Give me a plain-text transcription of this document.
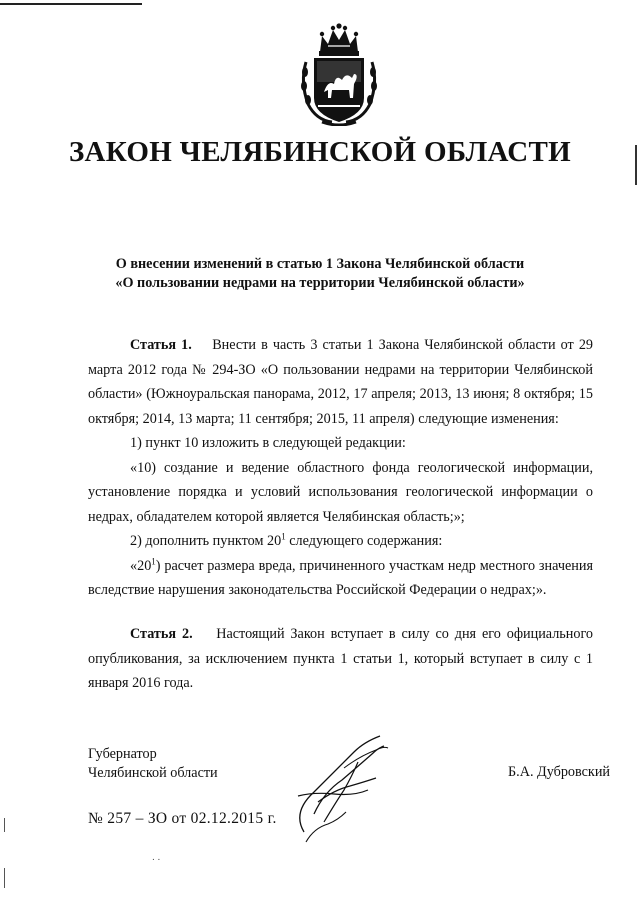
ЗАКОН ЧЕЛЯБИНСКОЙ ОБЛАСТИ
О внесении изменений в статью 1 Закона Челябинской области
«О пользовании недрами на территории Челябинской области»

Статья 1. Внести в часть 3 статьи 1 Закона Челябинской области от 29 марта 2012 года № 294-ЗО «О пользовании недрами на территории Челябинской области» (Южноуральская панорама, 2012, 17 апреля; 2013, 13 июня; 8 октября; 15 октября; 2014, 13 марта; 11 сентября; 2015, 11 апреля) следующие изменения:

1) пункт 10 изложить в следующей редакции:

«10) создание и ведение областного фонда геологической информации, установление порядка и условий использования геологической информации о недрах, обладателем которой является Челябинская область;»;

2) дополнить пунктом $20^1$ следующего содержания:

«$20^1$) расчет размера вреда, причиненного участкам недр местного значения вследствие нарушения законодательства Российской Федерации о недрах;».

Статья 2. Настоящий Закон вступает в силу со дня его официального опубликования, за исключением пункта 1 статьи 1, который вступает в силу с 1 января 2016 года.

Губернатор
Челябинской области	Б.А. Дубровский
№ 257 – ЗО от 02.12.2015 г.
. .
